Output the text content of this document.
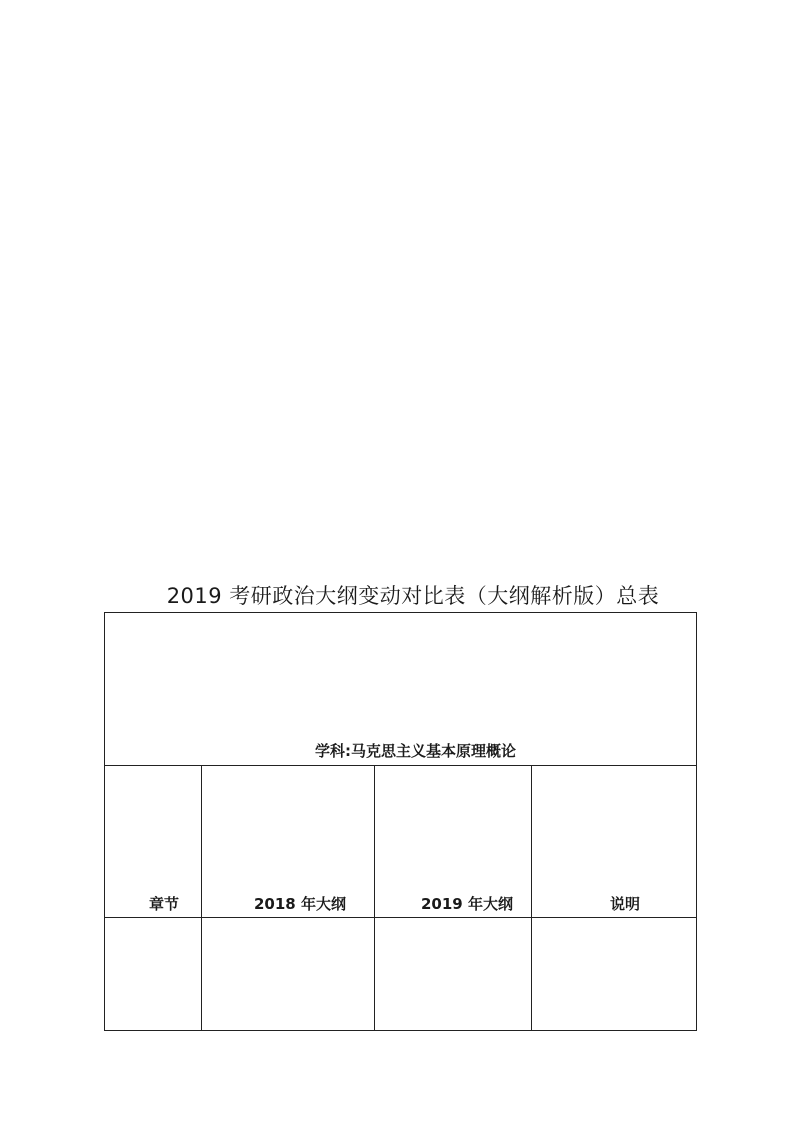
2019 考研政治大纲变动对比表（大纲解析版）总表
学科:马克思主义基本原理概论			
章节	2018 年大纲	2019 年大纲	说明
